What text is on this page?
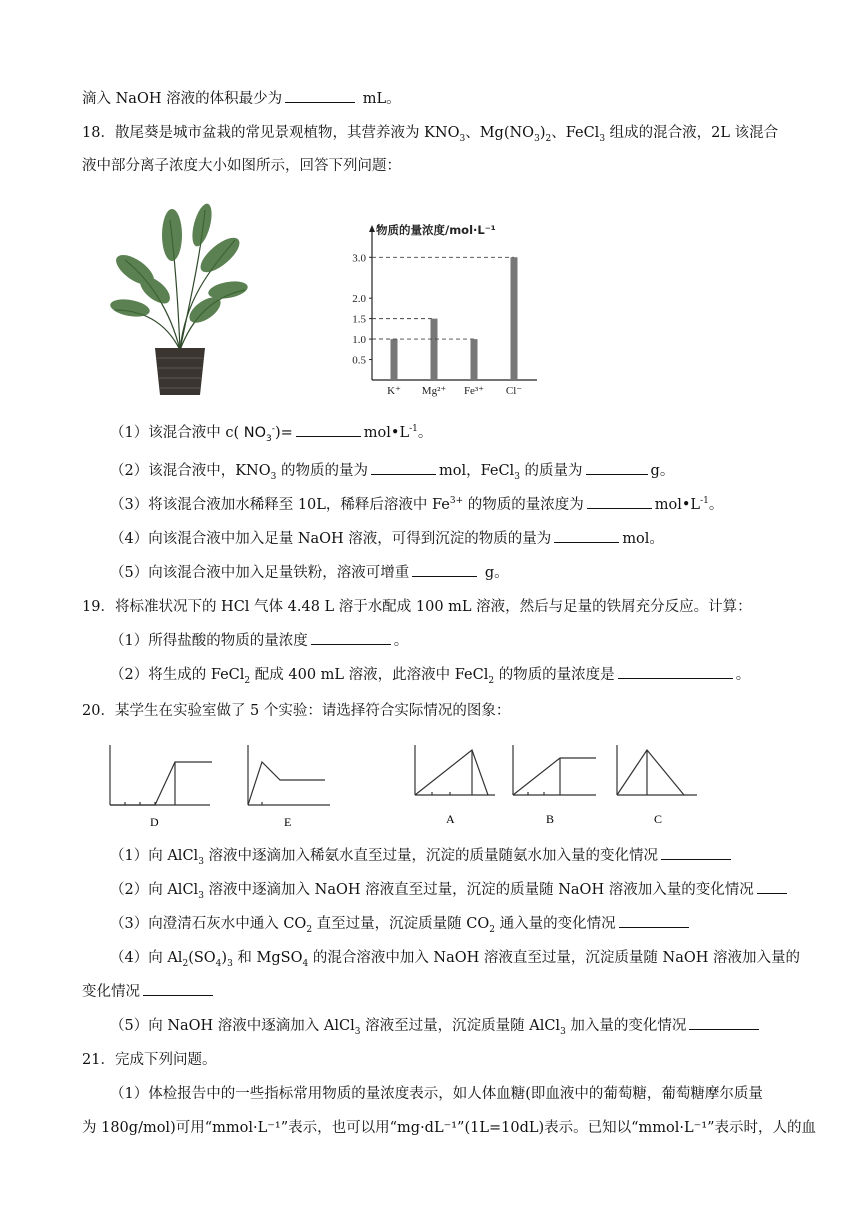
滴入 NaOH 溶液的体积最少为	mL。
18．散尾葵是城市盆栽的常见景观植物，其营养液为 $KNO_3$、$Mg(NO_3)_2$、FeCl$_3$ 组成的混合液，2L 该混合
液中部分离子浓度大小如图所示，回答下列问题：
物质的量浓度/mol·L⁻¹
0.5
1.0
1.5
2.0
3.0
K⁺ Mg²⁺ Fe³⁺ Cl⁻
（1）该混合液中 c( $NO_3^-)=$	$mol•L^{-1}$。
（2）该混合液中，$KNO_3$ 的物质的量为	mol，FeCl$_3$ 的质量为	g。
（3）将该混合液加水稀释至 10L，稀释后溶液中 $Fe^{3+}$ 的物质的量浓度为	$mol•L^{-1}$。
（4）向该混合液中加入足量 NaOH 溶液，可得到沉淀的物质的量为	mol。
（5）向该混合液中加入足量铁粉，溶液可增重	g。
19．将标准状况下的 HCl 气体 4.48 L 溶于水配成 100 mL 溶液，然后与足量的铁屑充分反应。计算：
（1）所得盐酸的物质的量浓度	。
（2）将生成的 FeCl$_2$ 配成 400 mL 溶液，此溶液中 FeCl$_2$ 的物质的量浓度是	。
20．某学生在实验室做了 5 个实验：请选择符合实际情况的图象：
D	E	A	B	C
（1）向 AlCl$_3$ 溶液中逐滴加入稀氨水直至过量，沉淀的质量随氨水加入量的变化情况
（2）向 AlCl$_3$ 溶液中逐滴加入 NaOH 溶液直至过量，沉淀的质量随 NaOH 溶液加入量的变化情况
（3）向澄清石灰水中通入 $CO_2$ 直至过量，沉淀质量随 $CO_2$ 通入量的变化情况
（4）向 $Al_2(SO_4)_3$ 和 MgSO$_4$ 的混合溶液中加入 NaOH 溶液直至过量，沉淀质量随 NaOH 溶液加入量的
变化情况
（5）向 NaOH 溶液中逐滴加入 AlCl$_3$ 溶液至过量，沉淀质量随 AlCl$_3$ 加入量的变化情况
21．完成下列问题。
（1）体检报告中的一些指标常用物质的量浓度表示，如人体血糖(即血液中的葡萄糖，葡萄糖摩尔质量
为 180g/mol)可用“mmol·L⁻¹”表示，也可以用“mg·dL⁻¹”(1L=10dL)表示。已知以“mmol·L⁻¹”表示时，人的血
